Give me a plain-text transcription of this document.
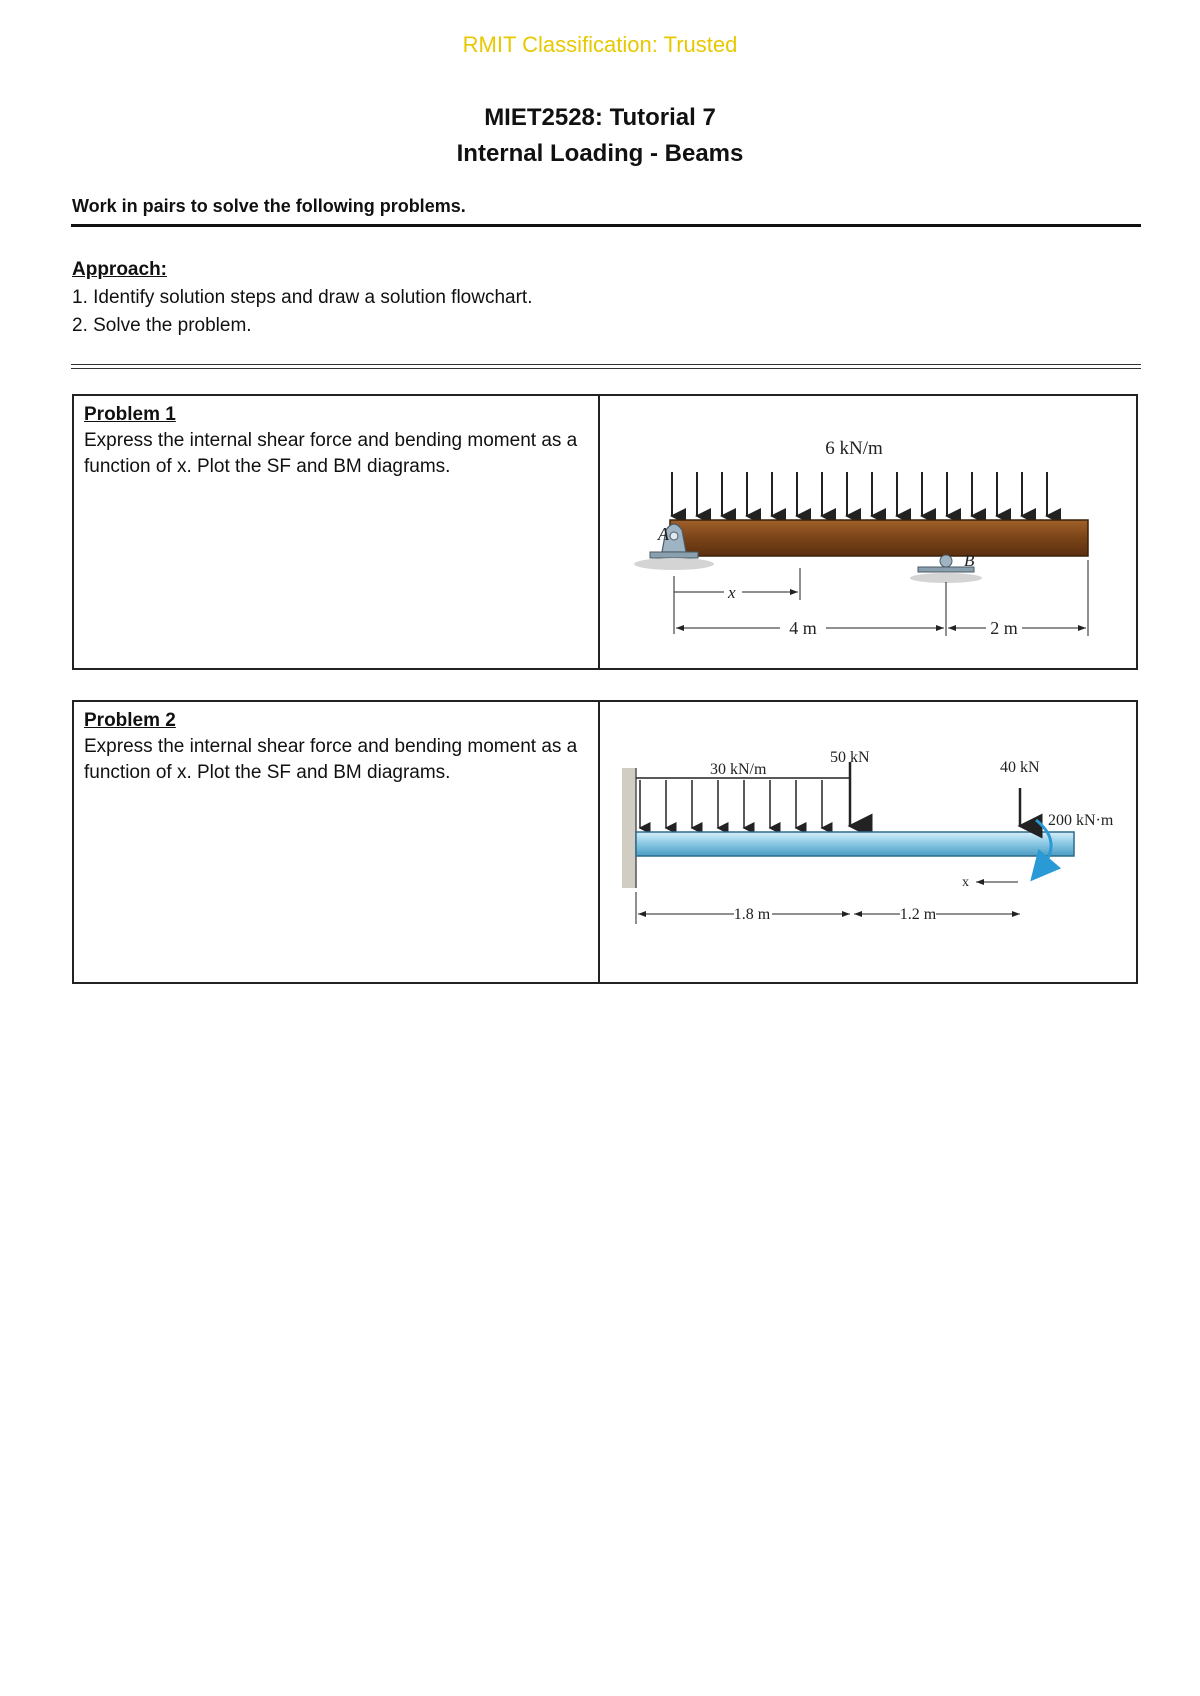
RMIT Classification: Trusted
MIET2528: Tutorial 7
Internal Loading - Beams
Work in pairs to solve the following problems.
Approach:
1. Identify solution steps and draw a solution flowchart.
2. Solve the problem.
Problem 1
Express the internal shear force and bending moment as a function of x. Plot the SF and BM diagrams.
6 kN/m
A
B
x
4 m	2 m
Problem 2
Express the internal shear force and bending moment as a function of x. Plot the SF and BM diagrams.	30 kN/m
50 kN
40 kN
200 kN·m
x
1.8 m	1.2 m
